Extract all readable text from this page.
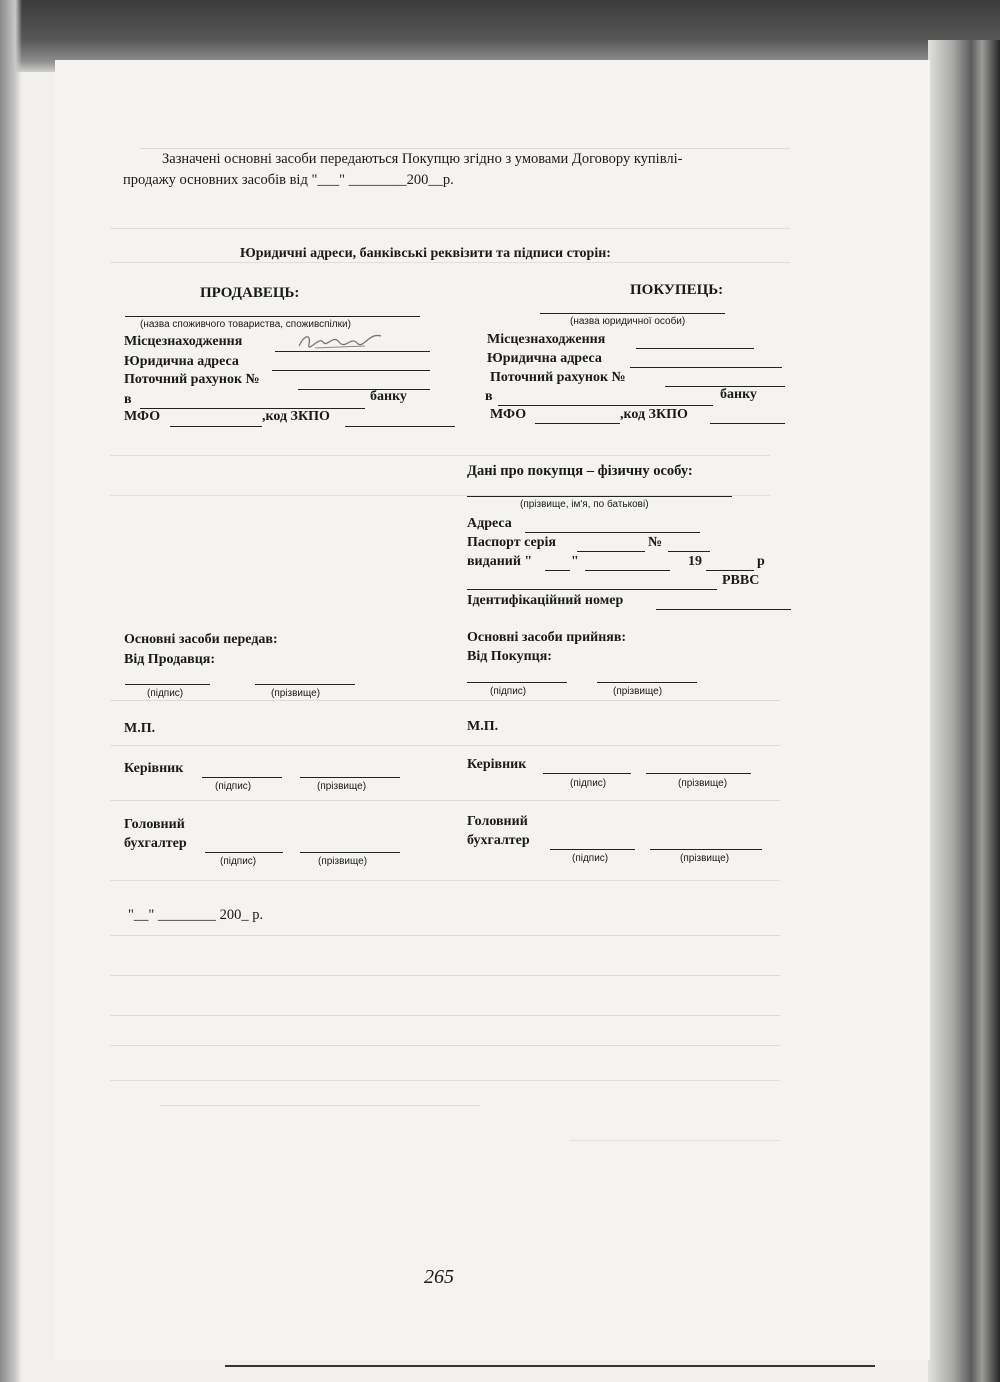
Зазначені основні засоби передаються Покупцю згідно з умовами Договору купівлі-
продажу основних засобів від "___" ________200__р.
Юридичні адреси, банківські реквізити та підписи сторін:
ПРОДАВЕЦЬ:
(назва споживчого товариства, споживспілки)
Місцезнаходження
Юридична адреса
Поточний рахунок №
в	банку
МФО	,код ЗКПО
ПОКУПЕЦЬ:
(назва юридичної особи)
Місцезнаходження
Юридична адреса
Поточний рахунок №
в	банку
МФО	,код ЗКПО
Дані про покупця – фізичну особу:
(прізвище, ім'я, по батькові)
Адреса
Паспорт серія	№
виданий "	"	19	р
РВВС
Ідентифікаційний номер
Основні засоби передав:
Від Продавця:
(підпис)	(прізвище)
М.П.
Основні засоби прийняв:
Від Покупця:
(підпис)	(прізвище)
М.П.
Керівник
(підпис)	(прізвище)
Керівник
(підпис)	(прізвище)
Головний
бухгалтер
(підпис)	(прізвище)
Головний
бухгалтер
(підпис)	(прізвище)
"__" ________ 200_ р.
265
